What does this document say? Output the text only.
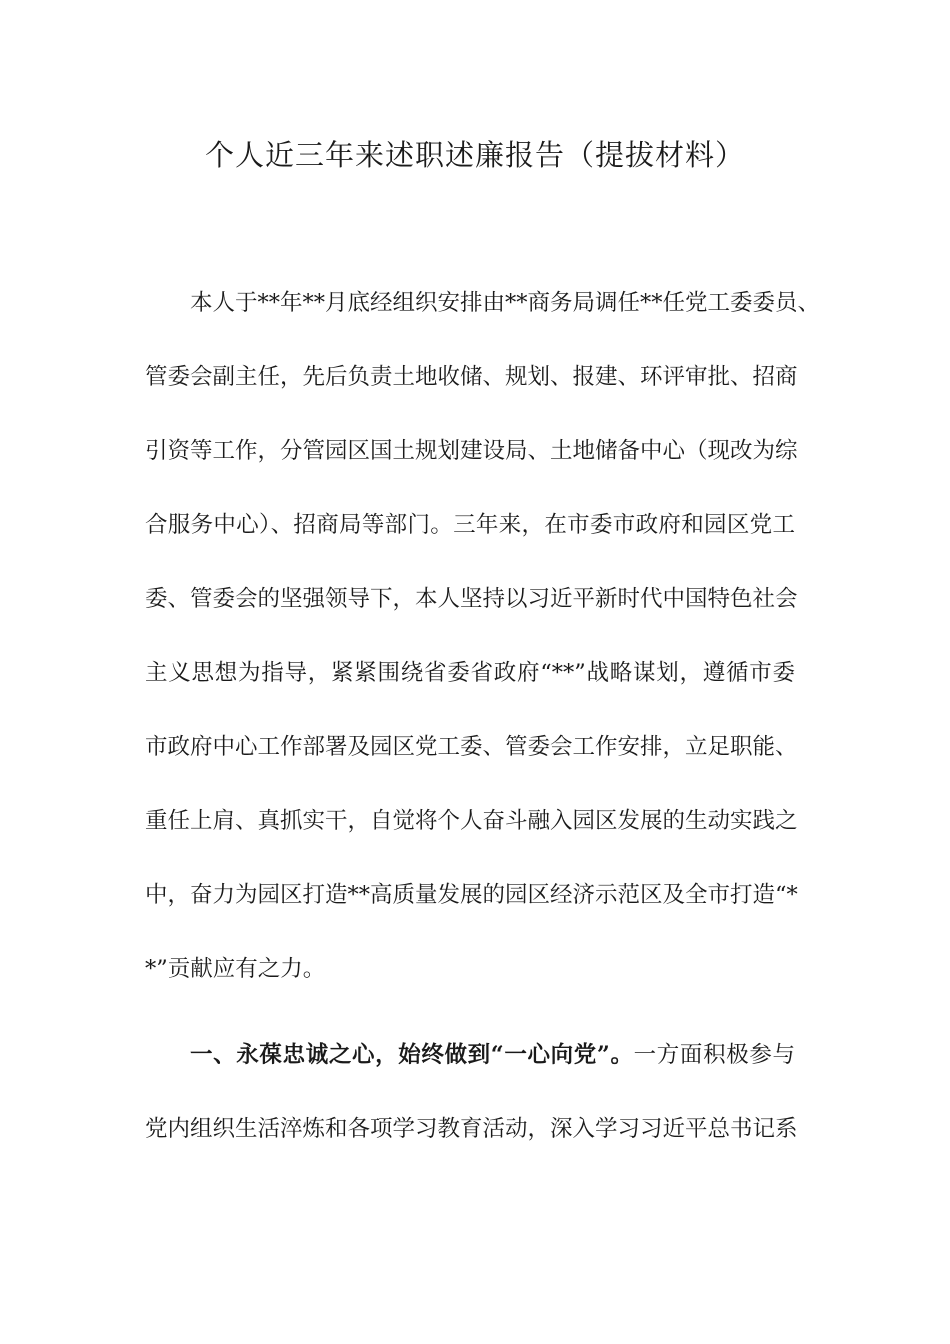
个人近三年来述职述廉报告（提拔材料）
本人于**年**月底经组织安排由**商务局调任**任党工委委员、
管委会副主任，先后负责土地收储、规划、报建、环评审批、招商
引资等工作，分管园区国土规划建设局、土地储备中心（现改为综
合服务中心）、招商局等部门。三年来，在市委市政府和园区党工
委、管委会的坚强领导下，本人坚持以习近平新时代中国特色社会
主义思想为指导，紧紧围绕省委省政府“**”战略谋划，遵循市委
市政府中心工作部署及园区党工委、管委会工作安排，立足职能、
重任上肩、真抓实干，自觉将个人奋斗融入园区发展的生动实践之
中，奋力为园区打造**高质量发展的园区经济示范区及全市打造“*
*”贡献应有之力。
一、永葆忠诚之心，始终做到“一心向党”。一方面积极参与
党内组织生活淬炼和各项学习教育活动，深入学习习近平总书记系
